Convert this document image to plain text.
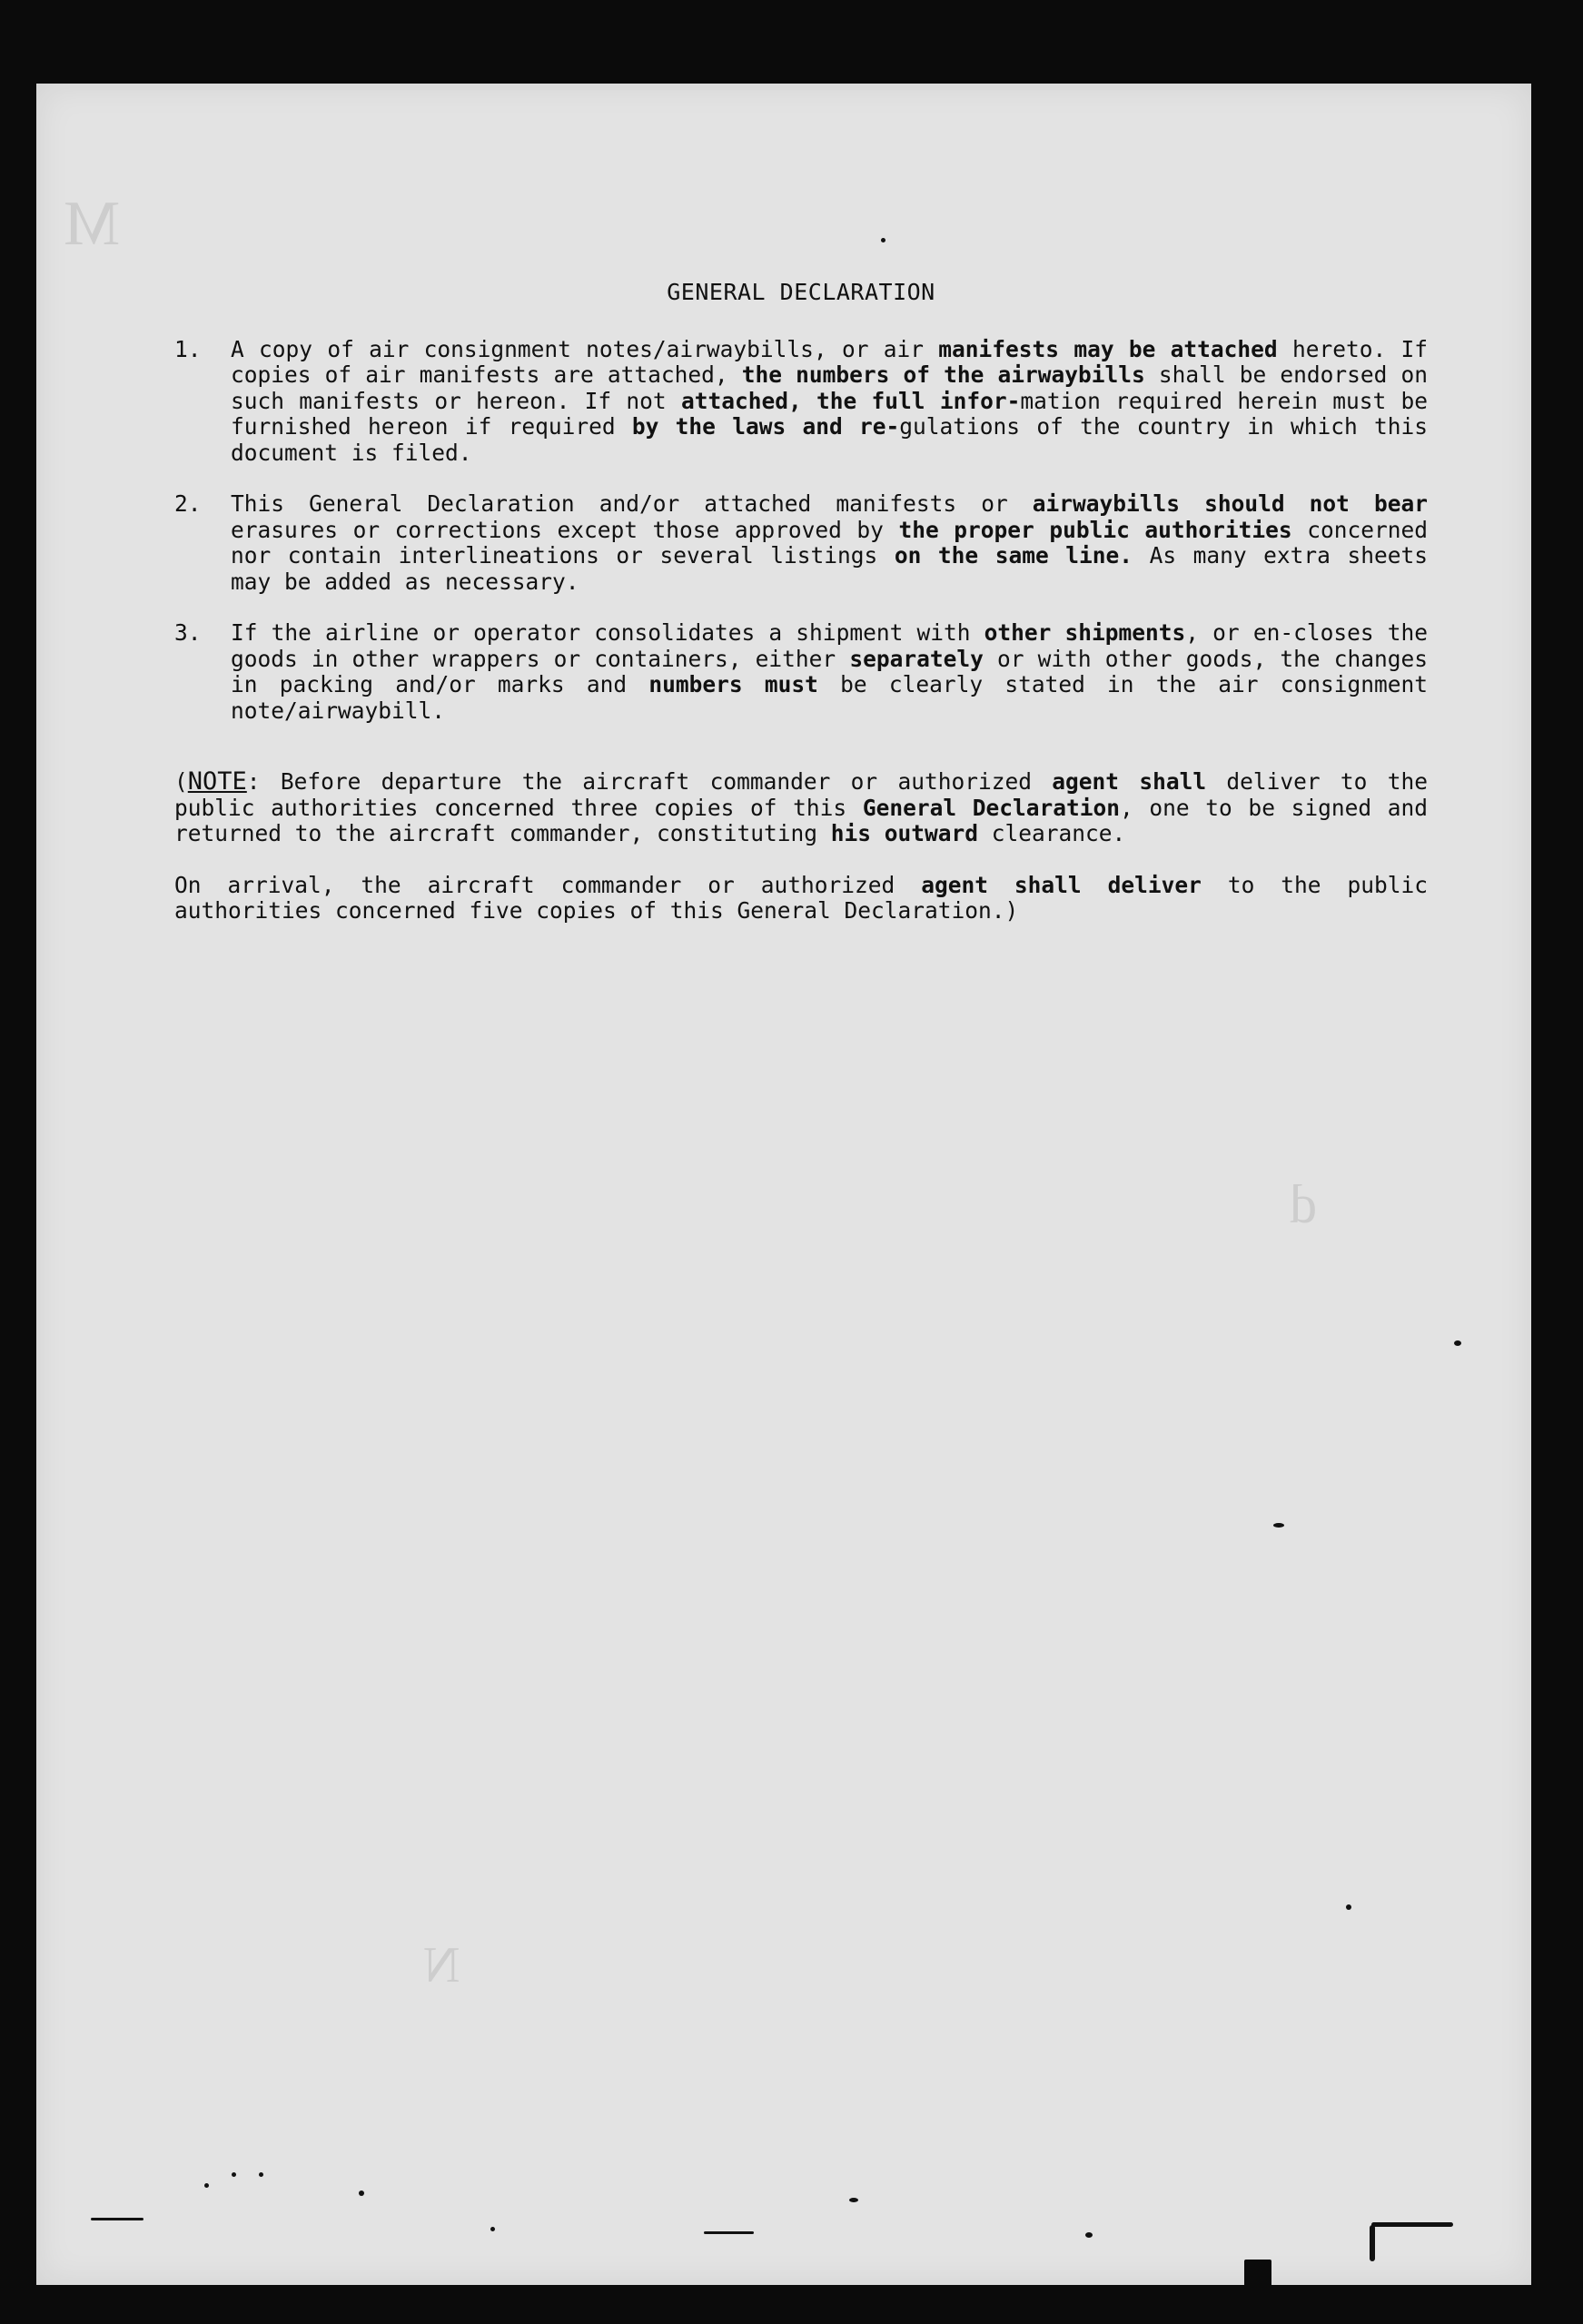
M
d
N
GENERAL DECLARATION
1.	A copy of air consignment notes/airwaybills, or air manifests may be attached hereto. If copies of air manifests are attached, the numbers of the airwaybills shall be endorsed on such manifests or hereon. If not attached, the full infor-mation required herein must be furnished hereon if required by the laws and re-gulations of the country in which this document is filed.
2.	This General Declaration and/or attached manifests or airwaybills should not bear erasures or corrections except those approved by the proper public authorities concerned nor contain interlineations or several listings on the same line. As many extra sheets may be added as necessary.
3.	If the airline or operator consolidates a shipment with other shipments, or en-closes the goods in other wrappers or containers, either separately or with other goods, the changes in packing and/or marks and numbers must be clearly stated in the air consignment note/airwaybill.
(NOTE: Before departure the aircraft commander or authorized agent shall deliver to the public authorities concerned three copies of this General Declaration, one to be signed and returned to the aircraft commander, constituting his outward clearance.
On arrival, the aircraft commander or authorized agent shall deliver to the public authorities concerned five copies of this General Declaration.)
